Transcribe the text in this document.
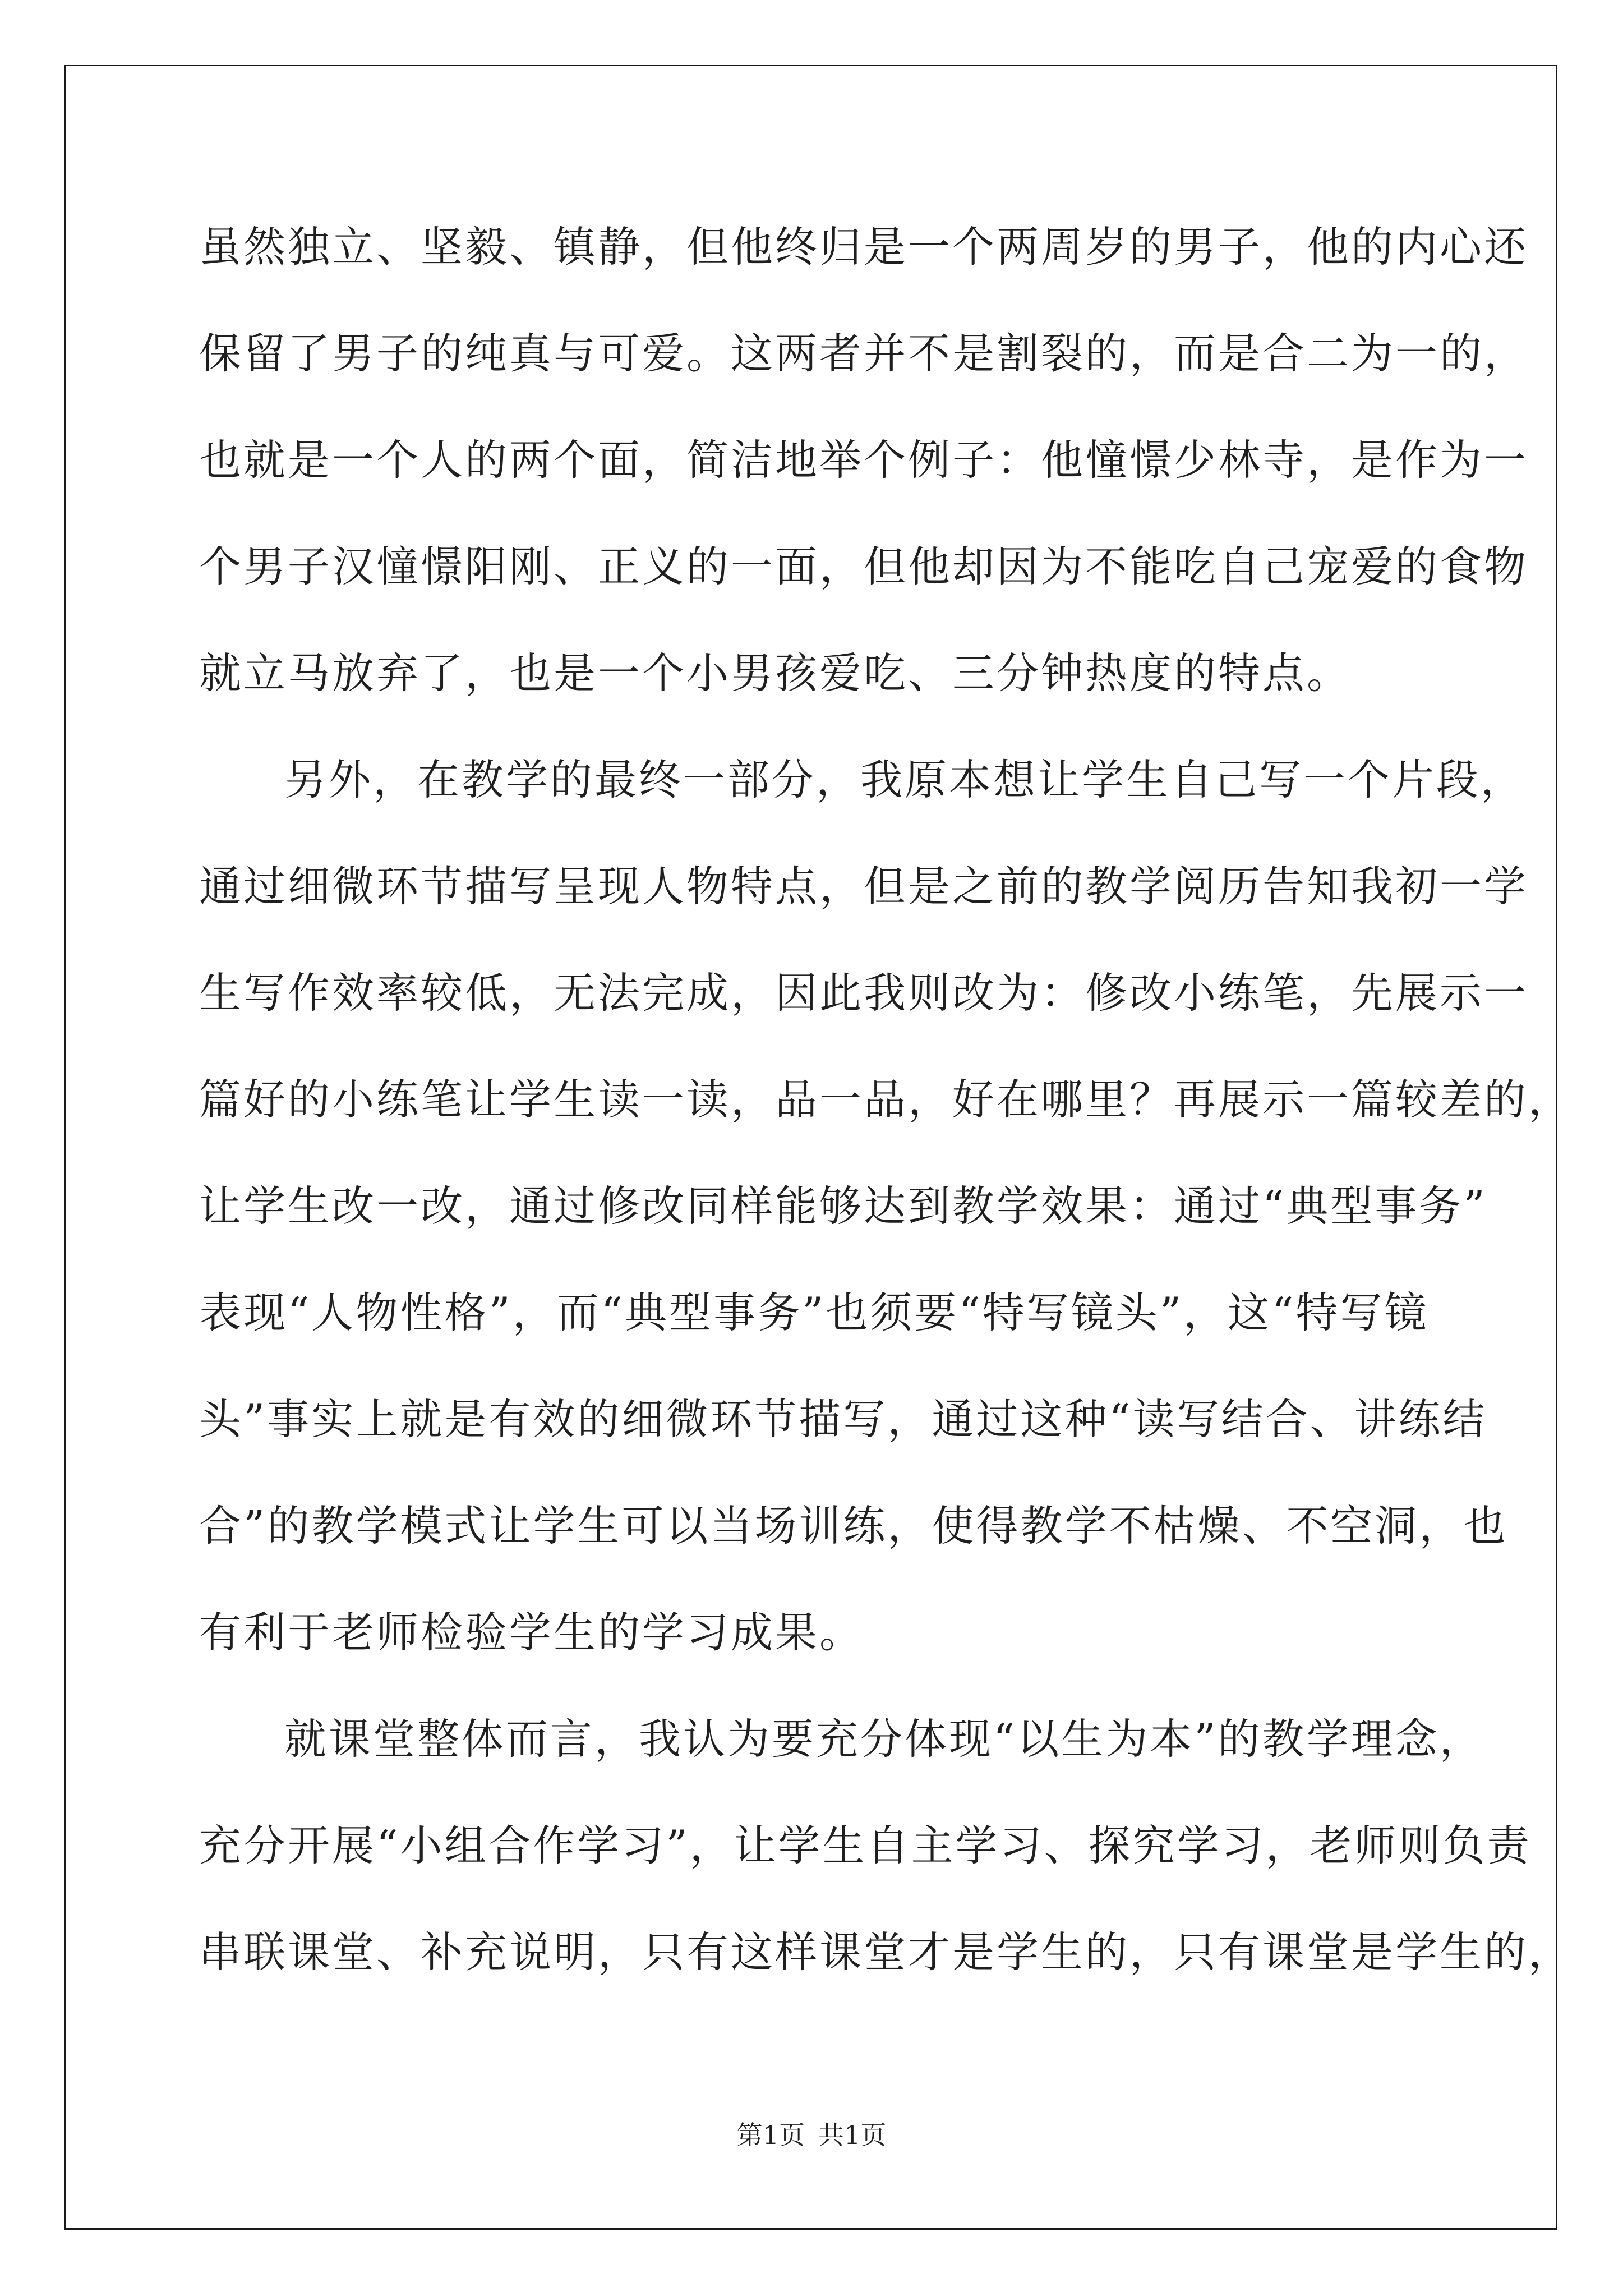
虽然独立、坚毅、镇静，但他终归是一个两周岁的男子，他的内心还
保留了男子的纯真与可爱。这两者并不是割裂的，而是合二为一的，
也就是一个人的两个面，简洁地举个例子：他憧憬少林寺，是作为一
个男子汉憧憬阳刚、正义的一面，但他却因为不能吃自己宠爱的食物
就立马放弃了，也是一个小男孩爱吃、三分钟热度的特点。
另外，在教学的最终一部分，我原本想让学生自己写一个片段，
通过细微环节描写呈现人物特点，但是之前的教学阅历告知我初一学
生写作效率较低，无法完成，因此我则改为：修改小练笔，先展示一
篇好的小练笔让学生读一读，品一品，好在哪里？再展示一篇较差的，
让学生改一改，通过修改同样能够达到教学效果：通过“典型事务”
表现“人物性格”，而“典型事务”也须要“特写镜头”，这“特写镜
头”事实上就是有效的细微环节描写，通过这种“读写结合、讲练结
合”的教学模式让学生可以当场训练，使得教学不枯燥、不空洞，也
有利于老师检验学生的学习成果。
就课堂整体而言，我认为要充分体现“以生为本”的教学理念，
充分开展“小组合作学习”，让学生自主学习、探究学习，老师则负责
串联课堂、补充说明，只有这样课堂才是学生的，只有课堂是学生的，
第1页 共1页
